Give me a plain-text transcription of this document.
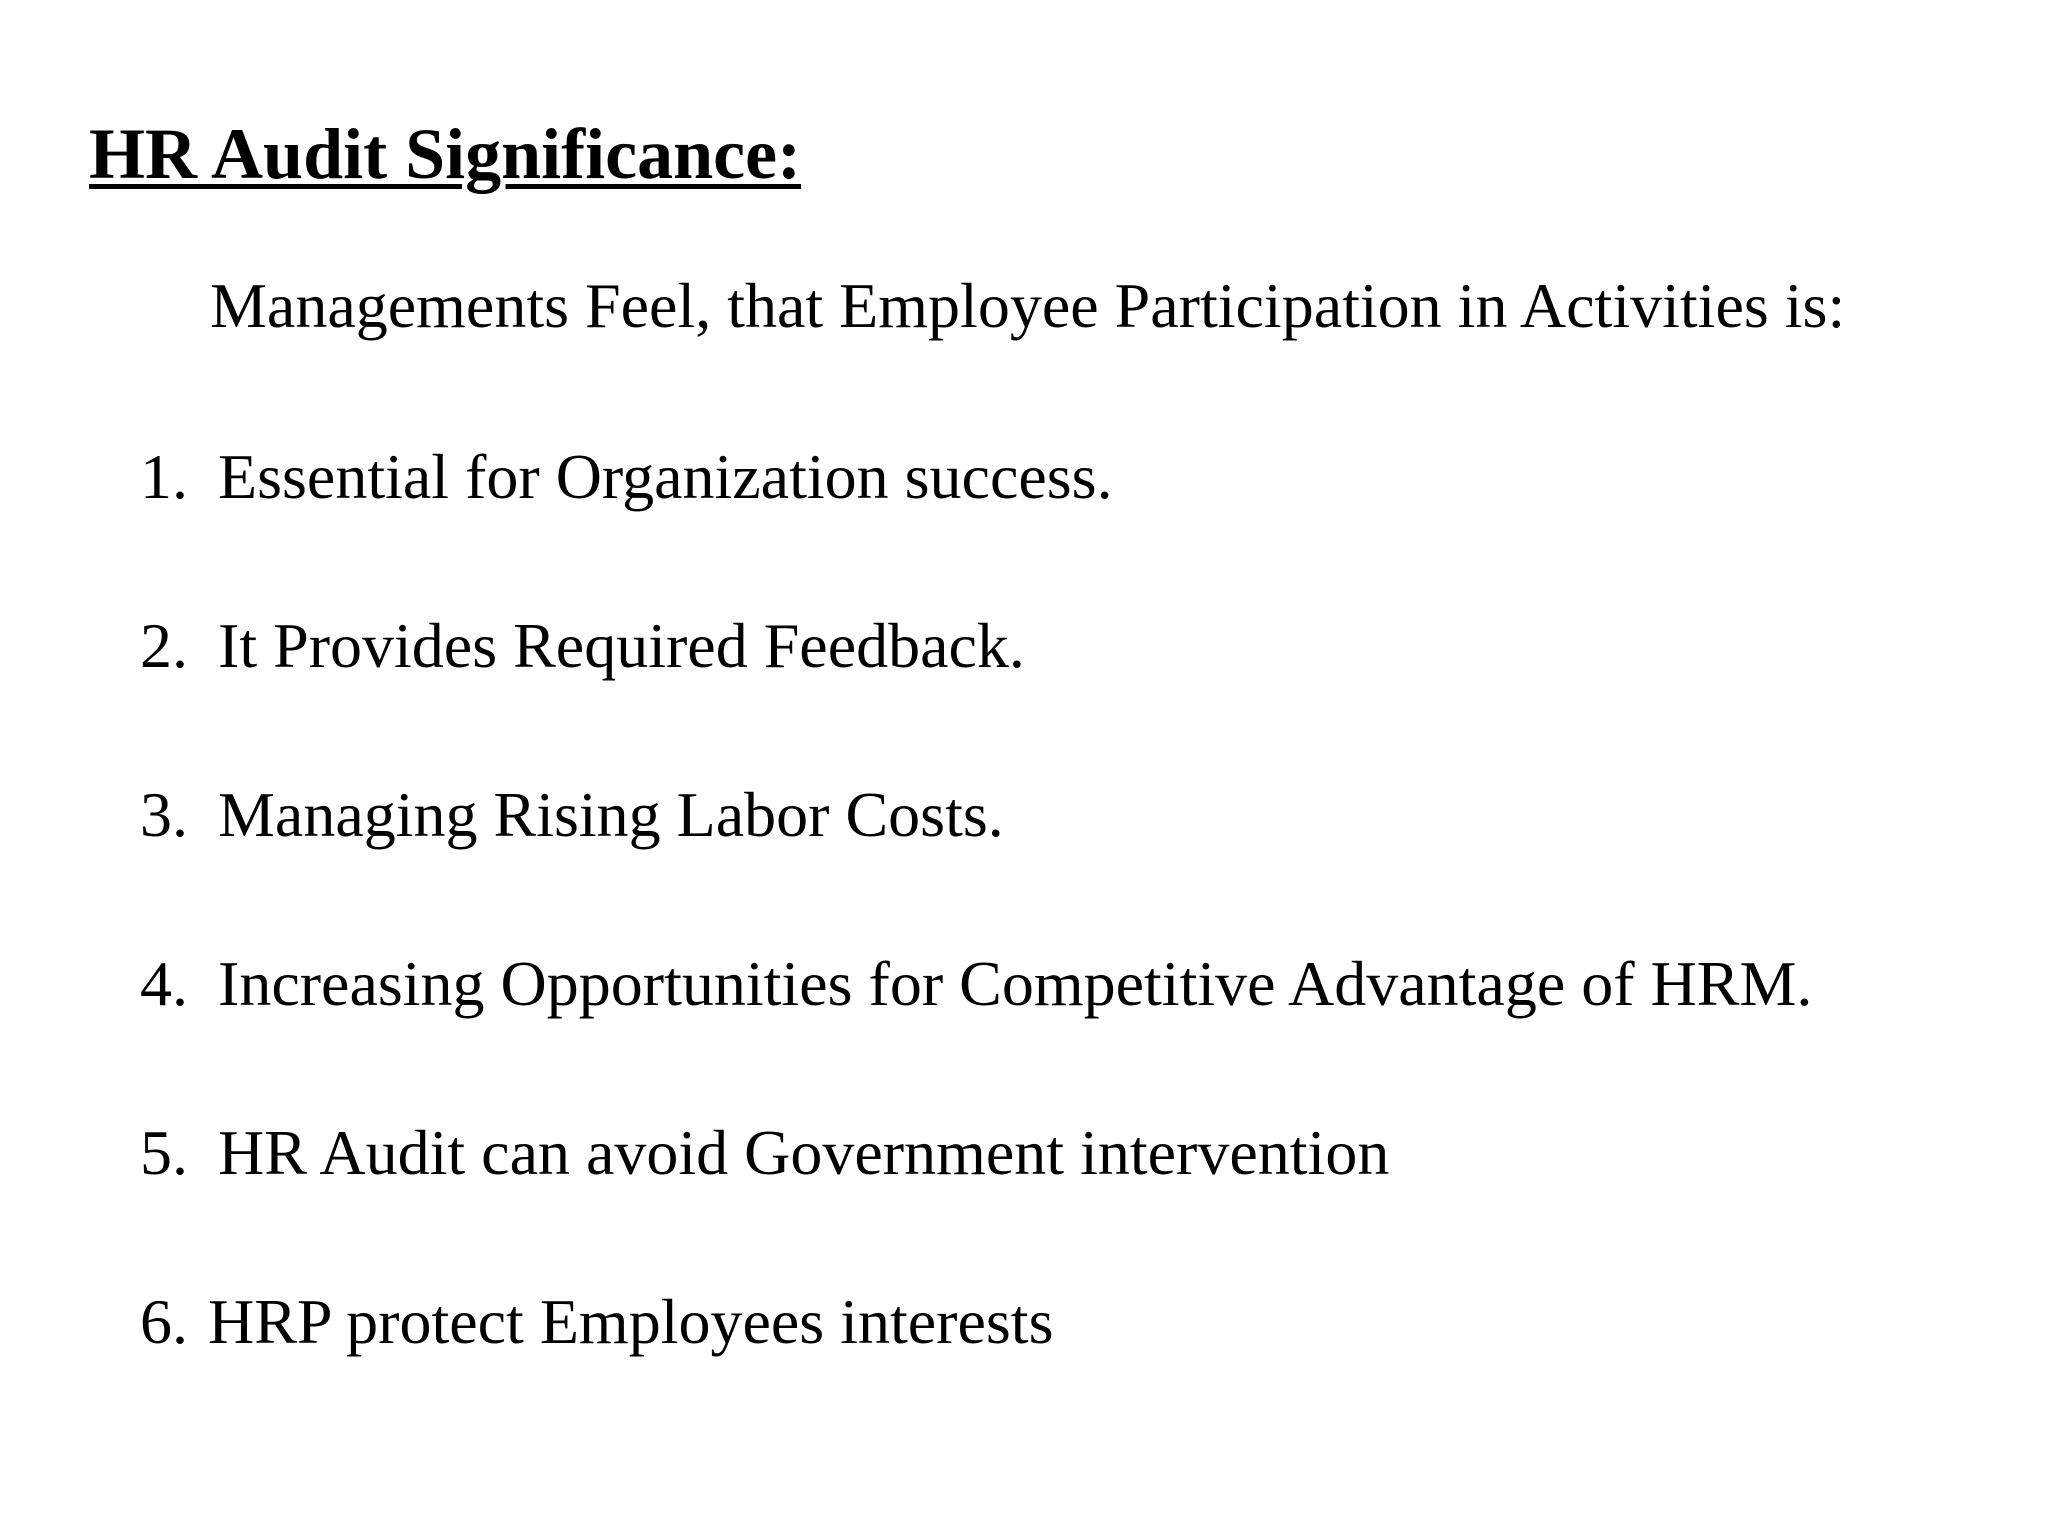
HR Audit Significance:
Managements Feel, that Employee Participation in Activities is:
1. Essential for Organization success.
2. It Provides Required Feedback.
3. Managing Rising Labor Costs.
4. Increasing Opportunities for Competitive Advantage of HRM.
5. HR Audit can avoid Government intervention
6. HRP protect Employees interests
